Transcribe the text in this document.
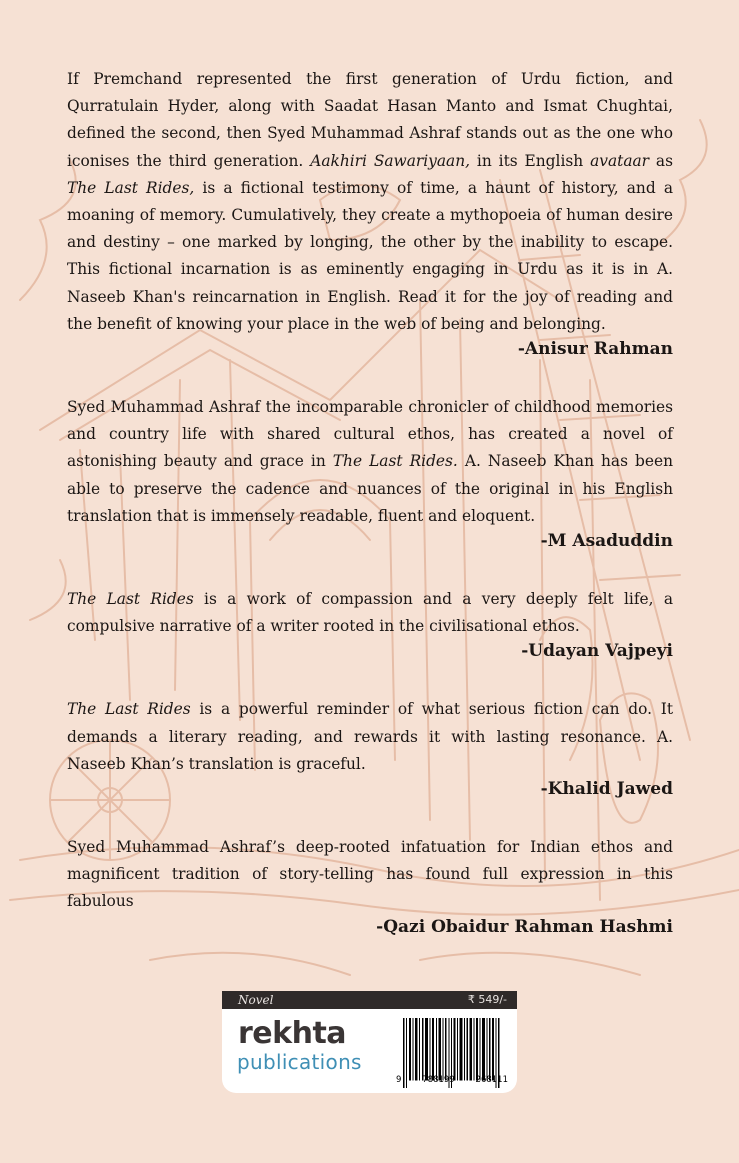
If Premchand represented the first generation of Urdu fiction, and Qurratulain Hyder, along with Saadat Hasan Manto and Ismat Chughtai, defined the second, then Syed Muhammad Ashraf stands out as the one who iconises the third generation. Aakhiri Sawariyaan, in its English avataar as The Last Rides, is a fictional testimony of time, a haunt of history, and a moaning of memory. Cumulatively, they create a mythopoeia of human desire and destiny – one marked by longing, the other by the inability to escape. This fictional incarnation is as eminently engaging in Urdu as it is in A. Naseeb Khan's reincarnation in English. Read it for the joy of reading and the benefit of knowing your place in the web of being and belonging.

-Anisur Rahman

Syed Muhammad Ashraf the incomparable chronicler of childhood memories and country life with shared cultural ethos, has created a novel of astonishing beauty and grace in The Last Rides. A. Naseeb Khan has been able to preserve the cadence and nuances of the original in his English translation that is immensely readable, fluent and eloquent.

-M Asaduddin

The Last Rides is a work of compassion and a very deeply felt life, a compulsive narrative of a writer rooted in the civilisational ethos.

-Udayan Vajpeyi

The Last Rides is a powerful reminder of what serious fiction can do. It demands a literary reading, and rewards it with lasting resonance. A. Naseeb Khan’s translation is graceful.

-Khalid Jawed

Syed Muhammad Ashraf’s deep-rooted infatuation for Indian ethos and magnificent tradition of story-telling has found full expression in this fabulous

-Qazi Obaidur Rahman Hashmi

Novel	₹ 549/-
rekhta
publications
9 788199 268111
